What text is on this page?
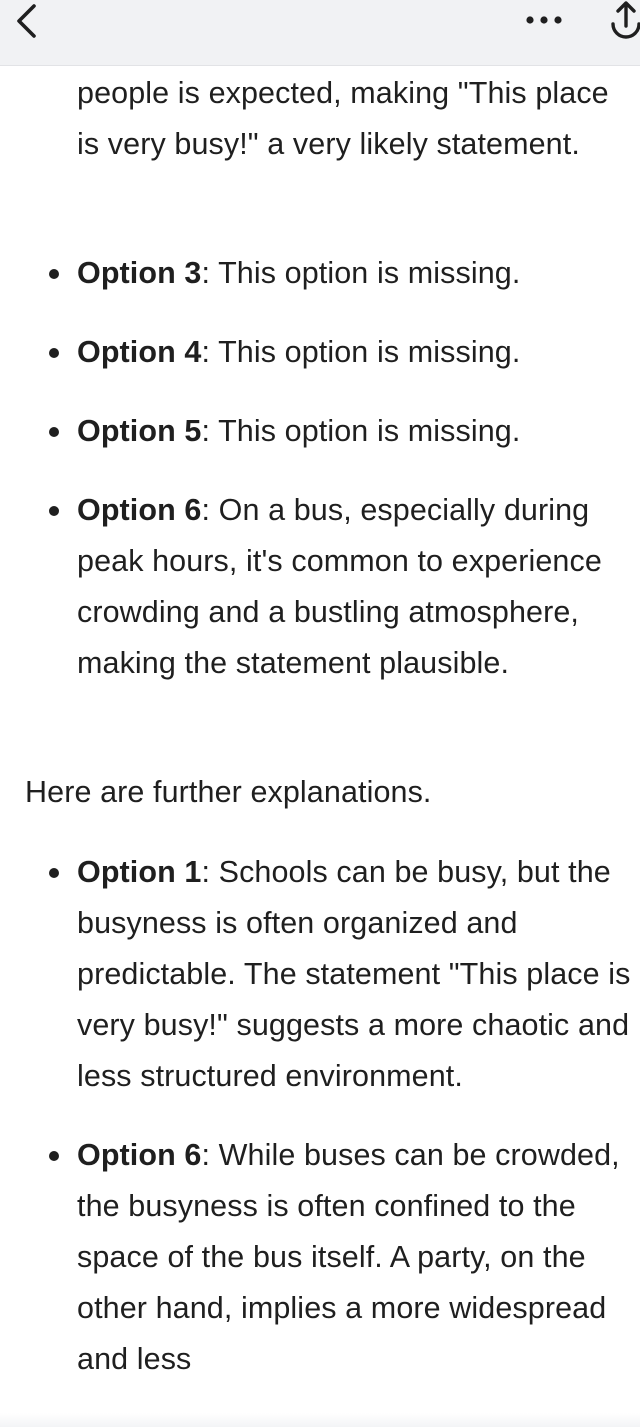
people is expected, making "This place is very busy!" a very likely statement.
Option 3: This option is missing.
Option 4: This option is missing.
Option 5: This option is missing.
Option 6: On a bus, especially during peak hours, it's common to experience crowding and a bustling atmosphere, making the statement plausible.
Here are further explanations.
Option 1: Schools can be busy, but the busyness is often organized and predictable. The statement "This place is very busy!" suggests a more chaotic and less structured environment.
Option 6: While buses can be crowded, the busyness is often confined to the space of the bus itself. A party, on the other hand, implies a more widespread and less
